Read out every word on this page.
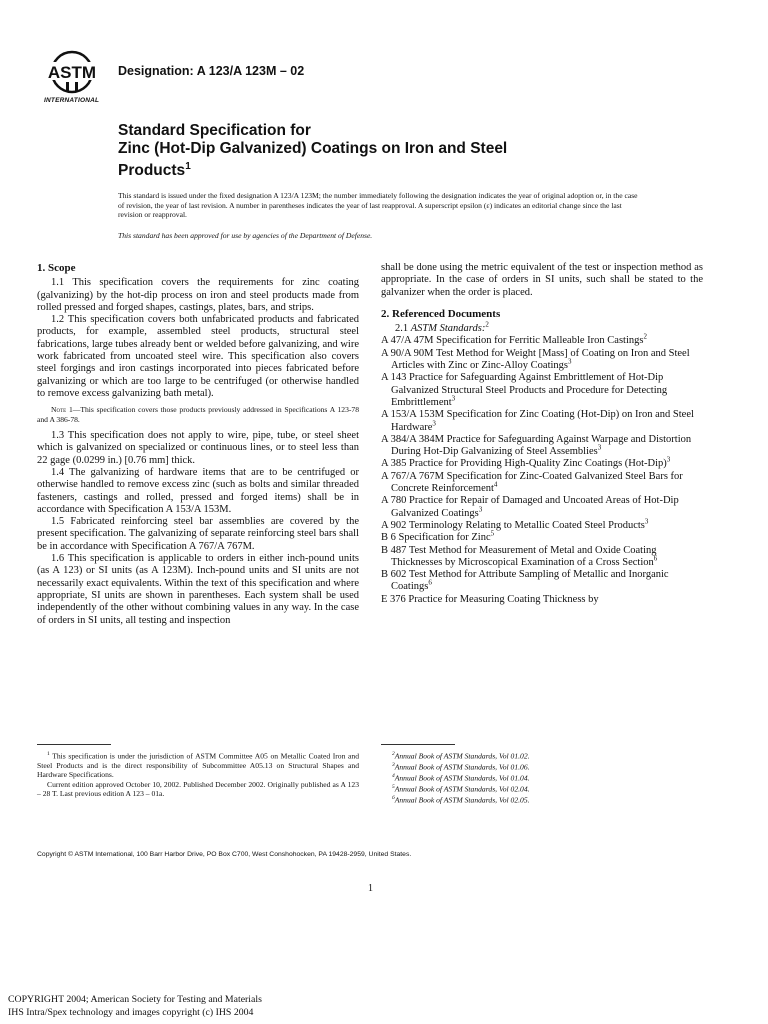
ASTM
INTERNATIONAL
Designation: A 123/A 123M – 02
Standard Specification for
Zinc (Hot-Dip Galvanized) Coatings on Iron and Steel
Products$^1$
This standard is issued under the fixed designation A 123/A 123M; the number immediately following the designation indicates the year of original adoption or, in the case of revision, the year of last revision. A number in parentheses indicates the year of last reapproval. A superscript epsilon (ε) indicates an editorial change since the last revision or reapproval.
This standard has been approved for use by agencies of the Department of Defense.
1. Scope

1.1 This specification covers the requirements for zinc coating (galvanizing) by the hot-dip process on iron and steel products made from rolled pressed and forged shapes, castings, plates, bars, and strips.

1.2 This specification covers both unfabricated products and fabricated products, for example, assembled steel products, structural steel fabrications, large tubes already bent or welded before galvanizing, and wire work fabricated from uncoated steel wire. This specification also covers steel forgings and iron castings incorporated into pieces fabricated before galvanizing or which are too large to be centrifuged (or otherwise handled to remove excess galvanizing bath metal).

Note 1—This specification covers those products previously addressed in Specifications A 123-78 and A 386-78.

1.3 This specification does not apply to wire, pipe, tube, or steel sheet which is galvanized on specialized or continuous lines, or to steel less than 22 gage (0.0299 in.) [0.76 mm] thick.

1.4 The galvanizing of hardware items that are to be centrifuged or otherwise handled to remove excess zinc (such as bolts and similar threaded fasteners, castings and rolled, pressed and forged items) shall be in accordance with Specification A 153/A 153M.

1.5 Fabricated reinforcing steel bar assemblies are covered by the present specification. The galvanizing of separate reinforcing steel bars shall be in accordance with Specification A 767/A 767M.

1.6 This specification is applicable to orders in either inch-pound units (as A 123) or SI units (as A 123M). Inch-pound units and SI units are not necessarily exact equivalents. Within the text of this specification and where appropriate, SI units are shown in parentheses. Each system shall be used independently of the other without combining values in any way. In the case of orders in SI units, all testing and inspection

shall be done using the metric equivalent of the test or inspection method as appropriate. In the case of orders in SI units, such shall be stated to the galvanizer when the order is placed.

2. Referenced Documents

2.1 ASTM Standards:$^2$

A 47/A 47M Specification for Ferritic Malleable Iron Castings$^2$

A 90/A 90M Test Method for Weight [Mass] of Coating on Iron and Steel Articles with Zinc or Zinc-Alloy Coatings$^3$

A 143 Practice for Safeguarding Against Embrittlement of Hot-Dip Galvanized Structural Steel Products and Procedure for Detecting Embrittlement$^3$

A 153/A 153M Specification for Zinc Coating (Hot-Dip) on Iron and Steel Hardware$^3$

A 384/A 384M Practice for Safeguarding Against Warpage and Distortion During Hot-Dip Galvanizing of Steel Assemblies$^3$

A 385 Practice for Providing High-Quality Zinc Coatings $(Hot-Dip)^3$

A 767/A 767M Specification for Zinc-Coated Galvanized Steel Bars for Concrete Reinforcement$^4$

A 780 Practice for Repair of Damaged and Uncoated Areas of Hot-Dip Galvanized Coatings$^3$

A 902 Terminology Relating to Metallic Coated Steel Products$^3$

B 6 Specification for Zinc$^5$

B 487 Test Method for Measurement of Metal and Oxide Coating Thicknesses by Microscopical Examination of a Cross Section$^6$

B 602 Test Method for Attribute Sampling of Metallic and Inorganic Coatings$^6$

E 376 Practice for Measuring Coating Thickness by

$^1$ This specification is under the jurisdiction of ASTM Committee A05 on Metallic Coated Iron and Steel Products and is the direct responsibility of Subcommittee A05.13 on Structural Shapes and Hardware Specifications.

Current edition approved October 10, 2002. Published December 2002. Originally published as A 123 – 28 T. Last previous edition A 123 – 01a.

$^2$Annual Book of ASTM Standards, Vol 01.02.
$^3$Annual Book of ASTM Standards, Vol 01.06.
$^4$Annual Book of ASTM Standards, Vol 01.04.
$^5$Annual Book of ASTM Standards, Vol 02.04.
$^6$Annual Book of ASTM Standards, Vol 02.05.
Copyright © ASTM International, 100 Barr Harbor Drive, PO Box C700, West Conshohocken, PA 19428-2959, United States.
1
COPYRIGHT 2004; American Society for Testing and Materials
IHS Intra/Spex technology and images copyright (c) IHS 2004
